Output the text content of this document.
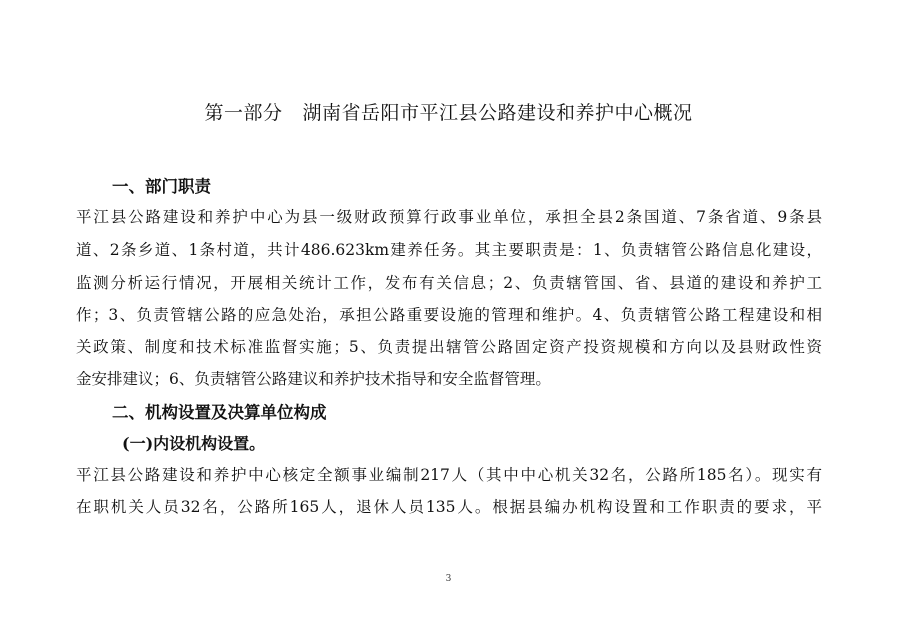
第一部分 湖南省岳阳市平江县公路建设和养护中心概况
一、部门职责
平江县公路建设和养护中心为县一级财政预算行政事业单位，承担全县2条国道、7条省道、9条县
道、2条乡道、1条村道，共计486.623km建养任务。其主要职责是：1、负责辖管公路信息化建设，
监测分析运行情况，开展相关统计工作，发布有关信息；2、负责辖管国、省、县道的建设和养护工
作；3、负责管辖公路的应急处治，承担公路重要设施的管理和维护。4、负责辖管公路工程建设和相
关政策、制度和技术标准监督实施；5、负责提出辖管公路固定资产投资规模和方向以及县财政性资
金安排建议；6、负责辖管公路建议和养护技术指导和安全监督管理。
二、机构设置及决算单位构成
(一)内设机构设置。
平江县公路建设和养护中心核定全额事业编制217人（其中中心机关32名，公路所185名）。现实有
在职机关人员32名，公路所165人，退休人员135人。根据县编办机构设置和工作职责的要求，平
3
